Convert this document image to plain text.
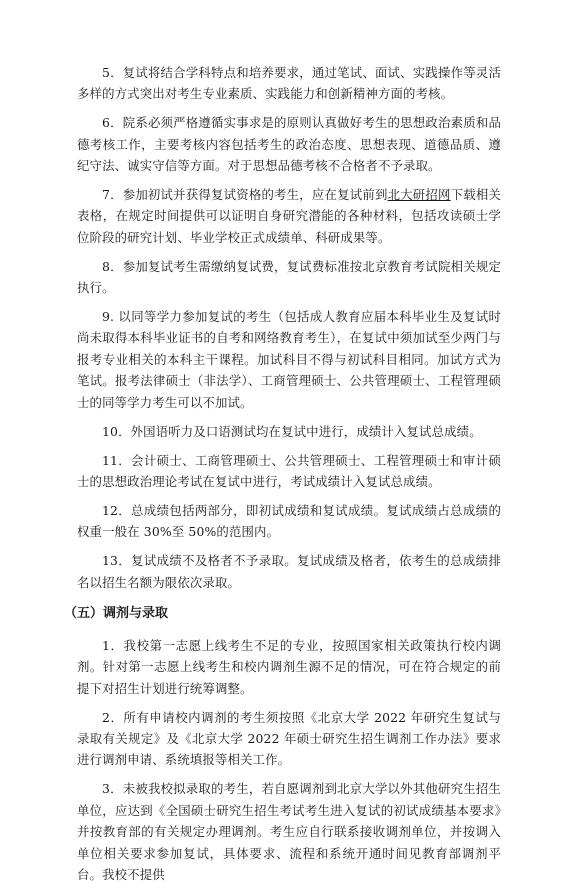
5．复试将结合学科特点和培养要求，通过笔试、面试、实践操作等灵活多样的方式突出对考生专业素质、实践能力和创新精神方面的考核。

6．院系必须严格遵循实事求是的原则认真做好考生的思想政治素质和品德考核工作，主要考核内容包括考生的政治态度、思想表现、道德品质、遵纪守法、诚实守信等方面。对于思想品德考核不合格者不予录取。

7．参加初试并获得复试资格的考生，应在复试前到北大研招网下载相关表格，在规定时间提供可以证明自身研究潜能的各种材料，包括攻读硕士学位阶段的研究计划、毕业学校正式成绩单、科研成果等。

8．参加复试考生需缴纳复试费，复试费标准按北京教育考试院相关规定执行。

9. 以同等学力参加复试的考生（包括成人教育应届本科毕业生及复试时尚未取得本科毕业证书的自考和网络教育考生），在复试中须加试至少两门与报考专业相关的本科主干课程。加试科目不得与初试科目相同。加试方式为笔试。报考法律硕士（非法学）、工商管理硕士、公共管理硕士、工程管理硕士的同等学力考生可以不加试。

10．外国语听力及口语测试均在复试中进行，成绩计入复试总成绩。

11．会计硕士、工商管理硕士、公共管理硕士、工程管理硕士和审计硕士的思想政治理论考试在复试中进行，考试成绩计入复试总成绩。

12．总成绩包括两部分，即初试成绩和复试成绩。复试成绩占总成绩的权重一般在 30%至 50%的范围内。

13．复试成绩不及格者不予录取。复试成绩及格者，依考生的总成绩排名以招生名额为限依次录取。

（五）调剂与录取

1．我校第一志愿上线考生不足的专业，按照国家相关政策执行校内调剂。针对第一志愿上线考生和校内调剂生源不足的情况，可在符合规定的前提下对招生计划进行统筹调整。

2．所有申请校内调剂的考生须按照《北京大学 2022 年研究生复试与录取有关规定》及《北京大学 2022 年硕士研究生招生调剂工作办法》要求进行调剂申请、系统填报等相关工作。

3．未被我校拟录取的考生，若自愿调剂到北京大学以外其他研究生招生单位，应达到《全国硕士研究生招生考试考生进入复试的初试成绩基本要求》并按教育部的有关规定办理调剂。考生应自行联系接收调剂单位，并按调入单位相关要求参加复试，具体要求、流程和系统开通时间见教育部调剂平台。我校不提供
